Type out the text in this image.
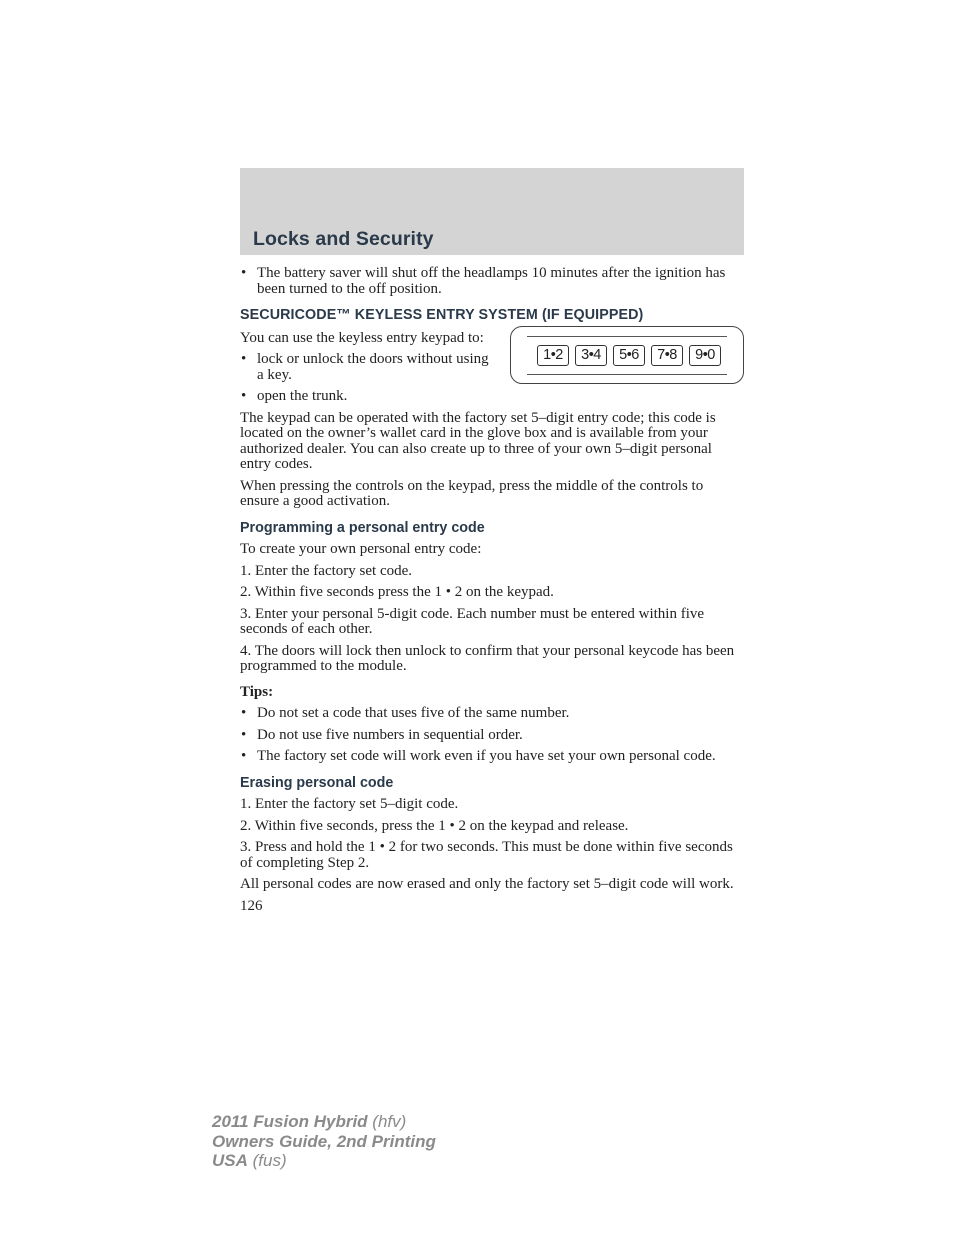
Locks and Security
• The battery saver will shut off the headlamps 10 minutes after the ignition has been turned to the off position.
SECURICODE™ KEYLESS ENTRY SYSTEM (IF EQUIPPED)

You can use the keyless entry keypad to:

• lock or unlock the doors without using a key.
• open the trunk.
1•2	3•4	5•6	7•8	9•0

The keypad can be operated with the factory set 5–digit entry code; this code is located on the owner’s wallet card in the glove box and is available from your authorized dealer. You can also create up to three of your own 5–digit personal entry codes.

When pressing the controls on the keypad, press the middle of the controls to ensure a good activation.

Programming a personal entry code

To create your own personal entry code:

1. Enter the factory set code.

2. Within five seconds press the 1 • 2 on the keypad.

3. Enter your personal 5-digit code. Each number must be entered within five seconds of each other.

4. The doors will lock then unlock to confirm that your personal keycode has been programmed to the module.

Tips:

• Do not set a code that uses five of the same number.
• Do not use five numbers in sequential order.
• The factory set code will work even if you have set your own personal code.
Erasing personal code

1. Enter the factory set 5–digit code.

2. Within five seconds, press the 1 • 2 on the keypad and release.

3. Press and hold the 1 • 2 for two seconds. This must be done within five seconds of completing Step 2.

All personal codes are now erased and only the factory set 5–digit code will work.

126
2011 Fusion Hybrid (hfv)
Owners Guide, 2nd Printing
USA (fus)
